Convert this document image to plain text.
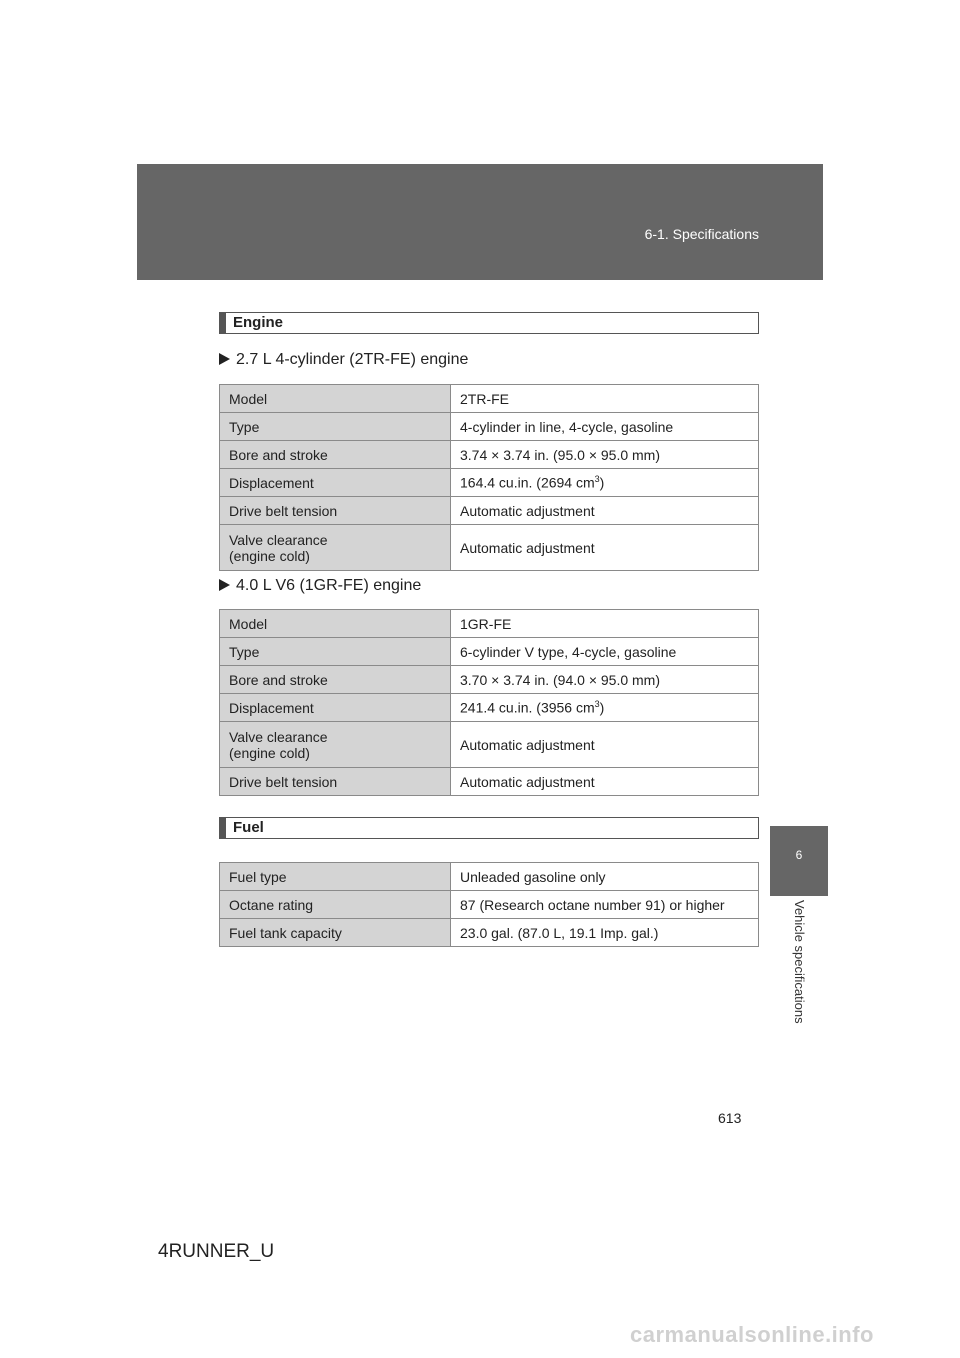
6-1. Specifications
6
Vehicle specifications
Engine
2.7 L 4-cylinder (2TR-FE) engine
Model	2TR-FE
Type	4-cylinder in line, 4-cycle, gasoline
Bore and stroke	3.74 × 3.74 in. (95.0 × 95.0 mm)
Displacement	164.4 cu.in. (2694 $cm^3$)
Drive belt tension	Automatic adjustment
Valve clearance
(engine cold)	Automatic adjustment
4.0 L V6 (1GR-FE) engine
Model	1GR-FE
Type	6-cylinder V type, 4-cycle, gasoline
Bore and stroke	3.70 × 3.74 in. (94.0 × 95.0 mm)
Displacement	241.4 cu.in. (3956 $cm^3$)
Valve clearance
(engine cold)	Automatic adjustment
Drive belt tension	Automatic adjustment
Fuel
Fuel type	Unleaded gasoline only
Octane rating	87 (Research octane number 91) or higher
Fuel tank capacity	23.0 gal. (87.0 L, 19.1 Imp. gal.)
613
4RUNNER_U
carmanualsonline.info
